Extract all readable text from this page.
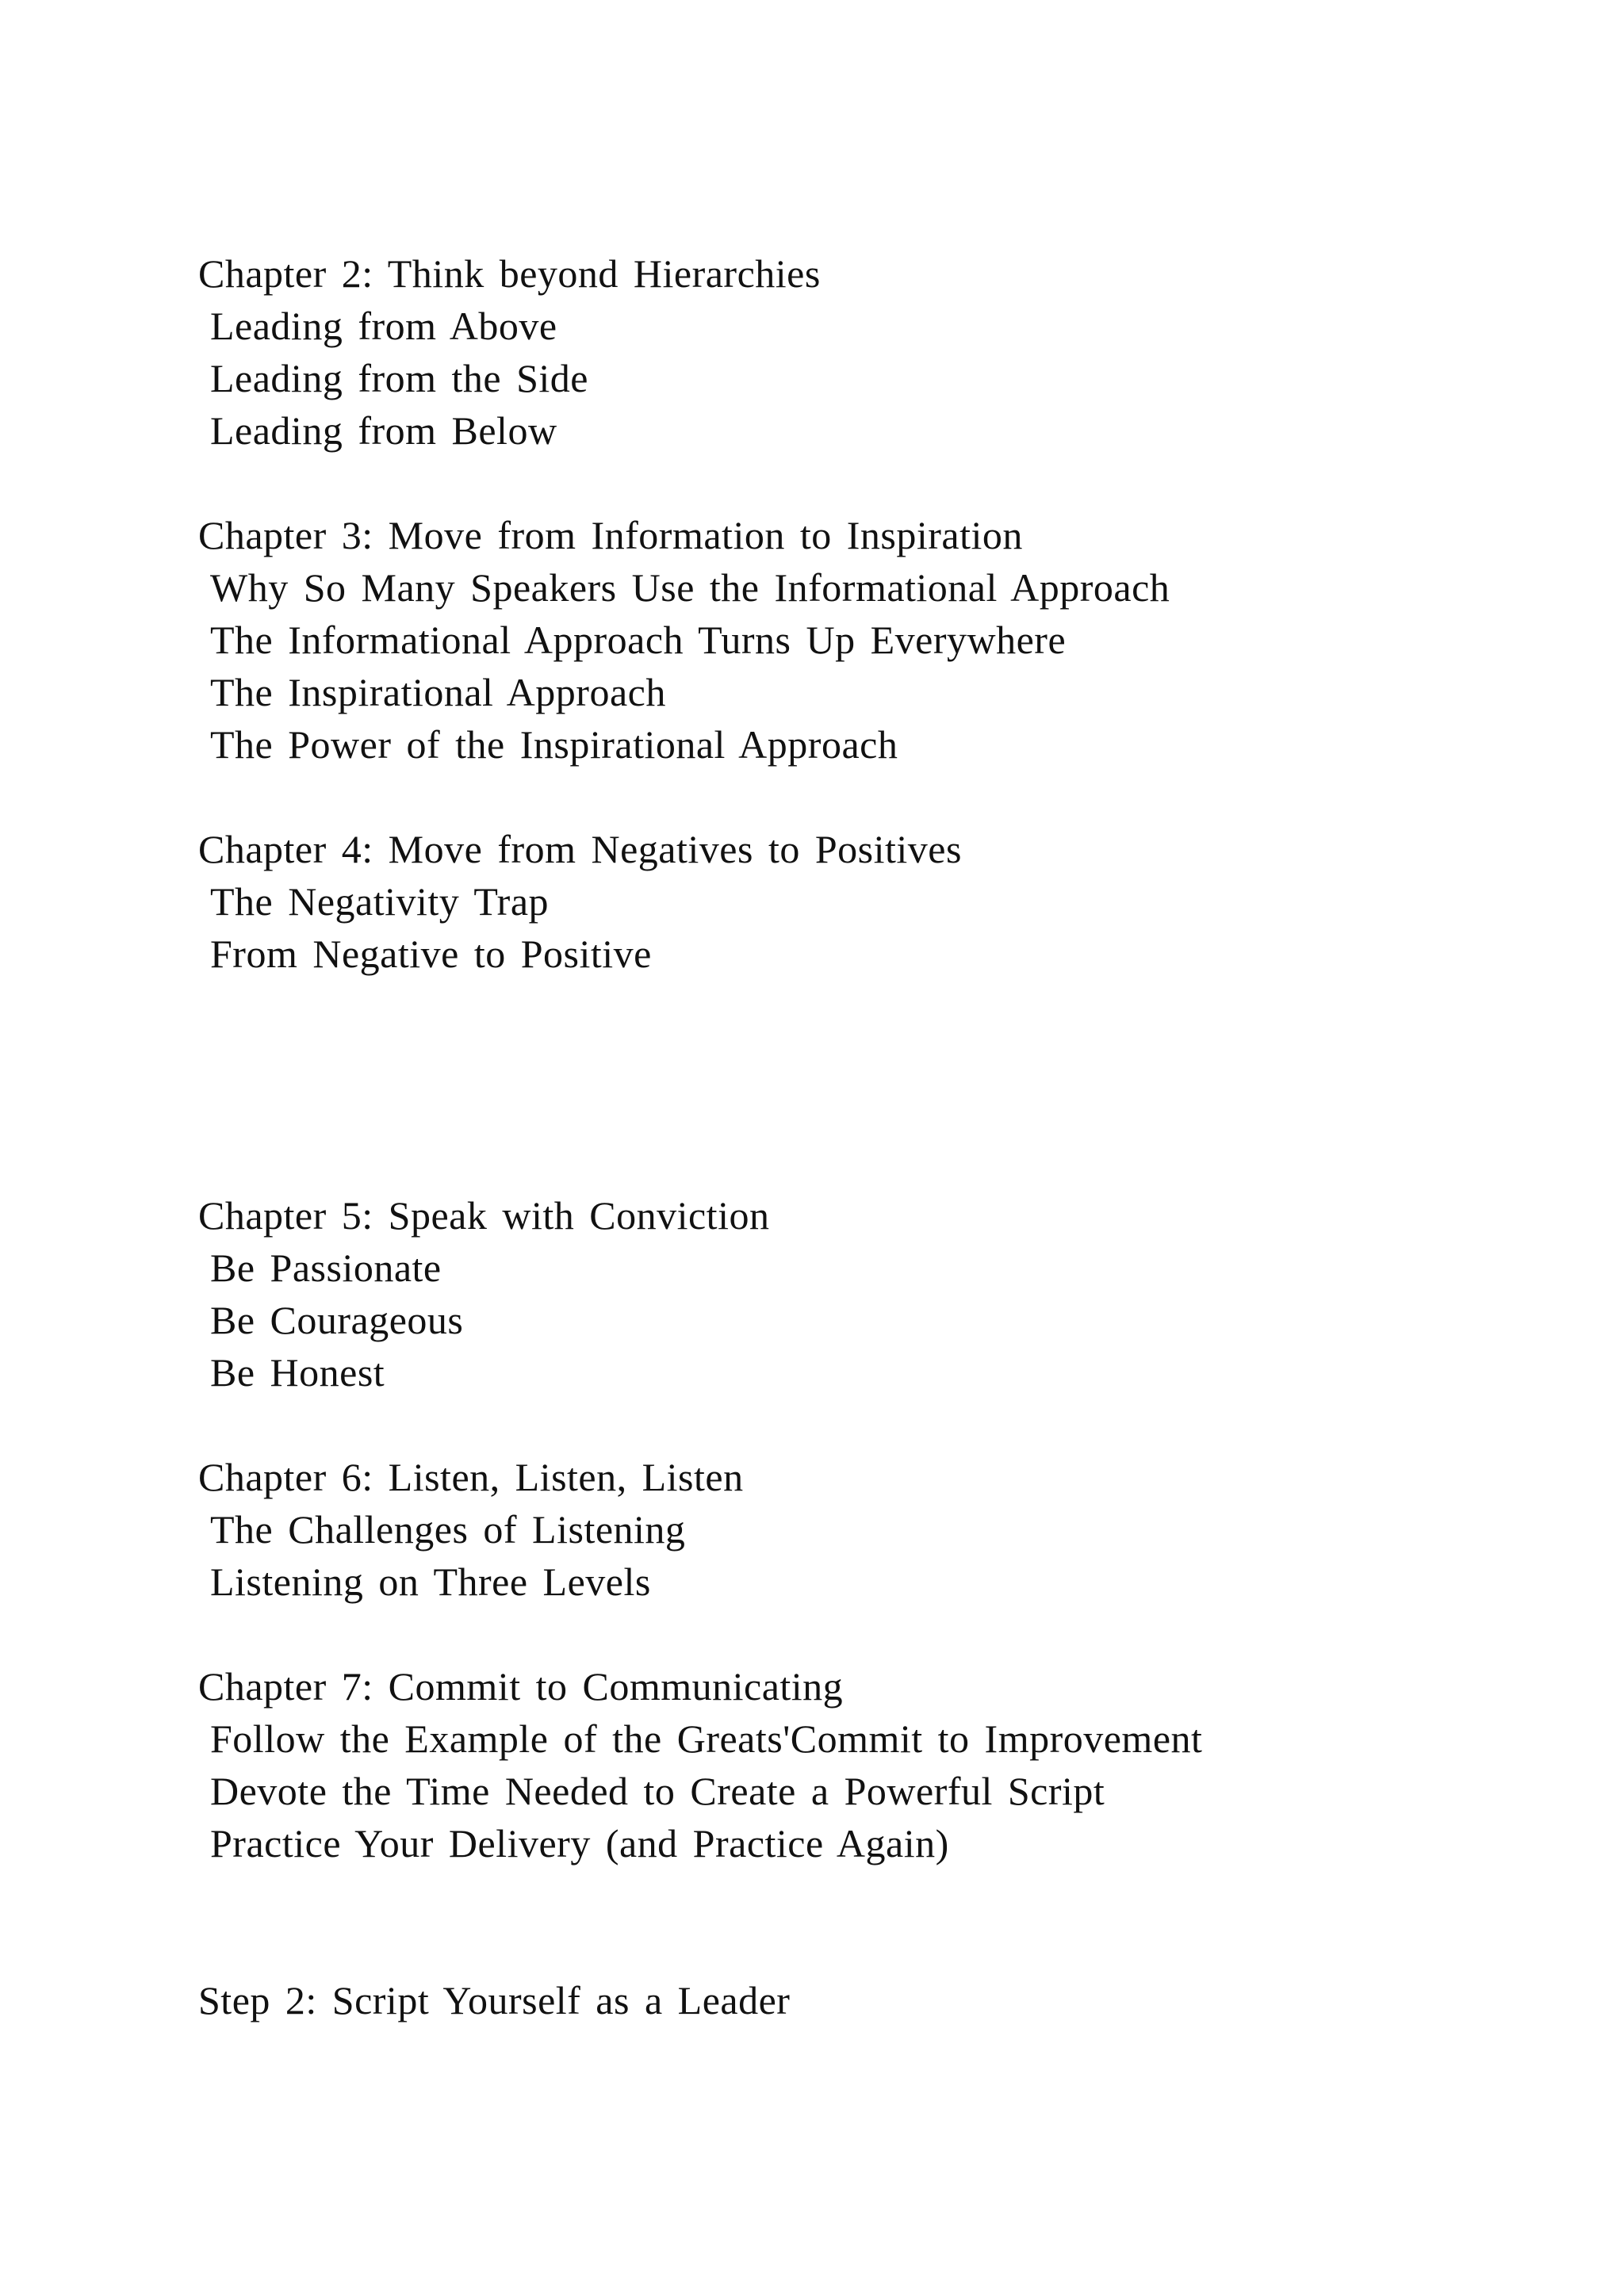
Chapter 2: Think beyond Hierarchies

Leading from Above

Leading from the Side

Leading from Below

Chapter 3: Move from Information to Inspiration

Why So Many Speakers Use the Informational Approach

The Informational Approach Turns Up Everywhere

The Inspirational Approach

The Power of the Inspirational Approach

Chapter 4: Move from Negatives to Positives

The Negativity Trap

From Negative to Positive

Chapter 5: Speak with Conviction

Be Passionate

Be Courageous

Be Honest

Chapter 6: Listen, Listen, Listen

The Challenges of Listening

Listening on Three Levels

Chapter 7: Commit to Communicating

Follow the Example of the Greats'Commit to Improvement

Devote the Time Needed to Create a Powerful Script

Practice Your Delivery (and Practice Again)

Step 2: Script Yourself as a Leader
